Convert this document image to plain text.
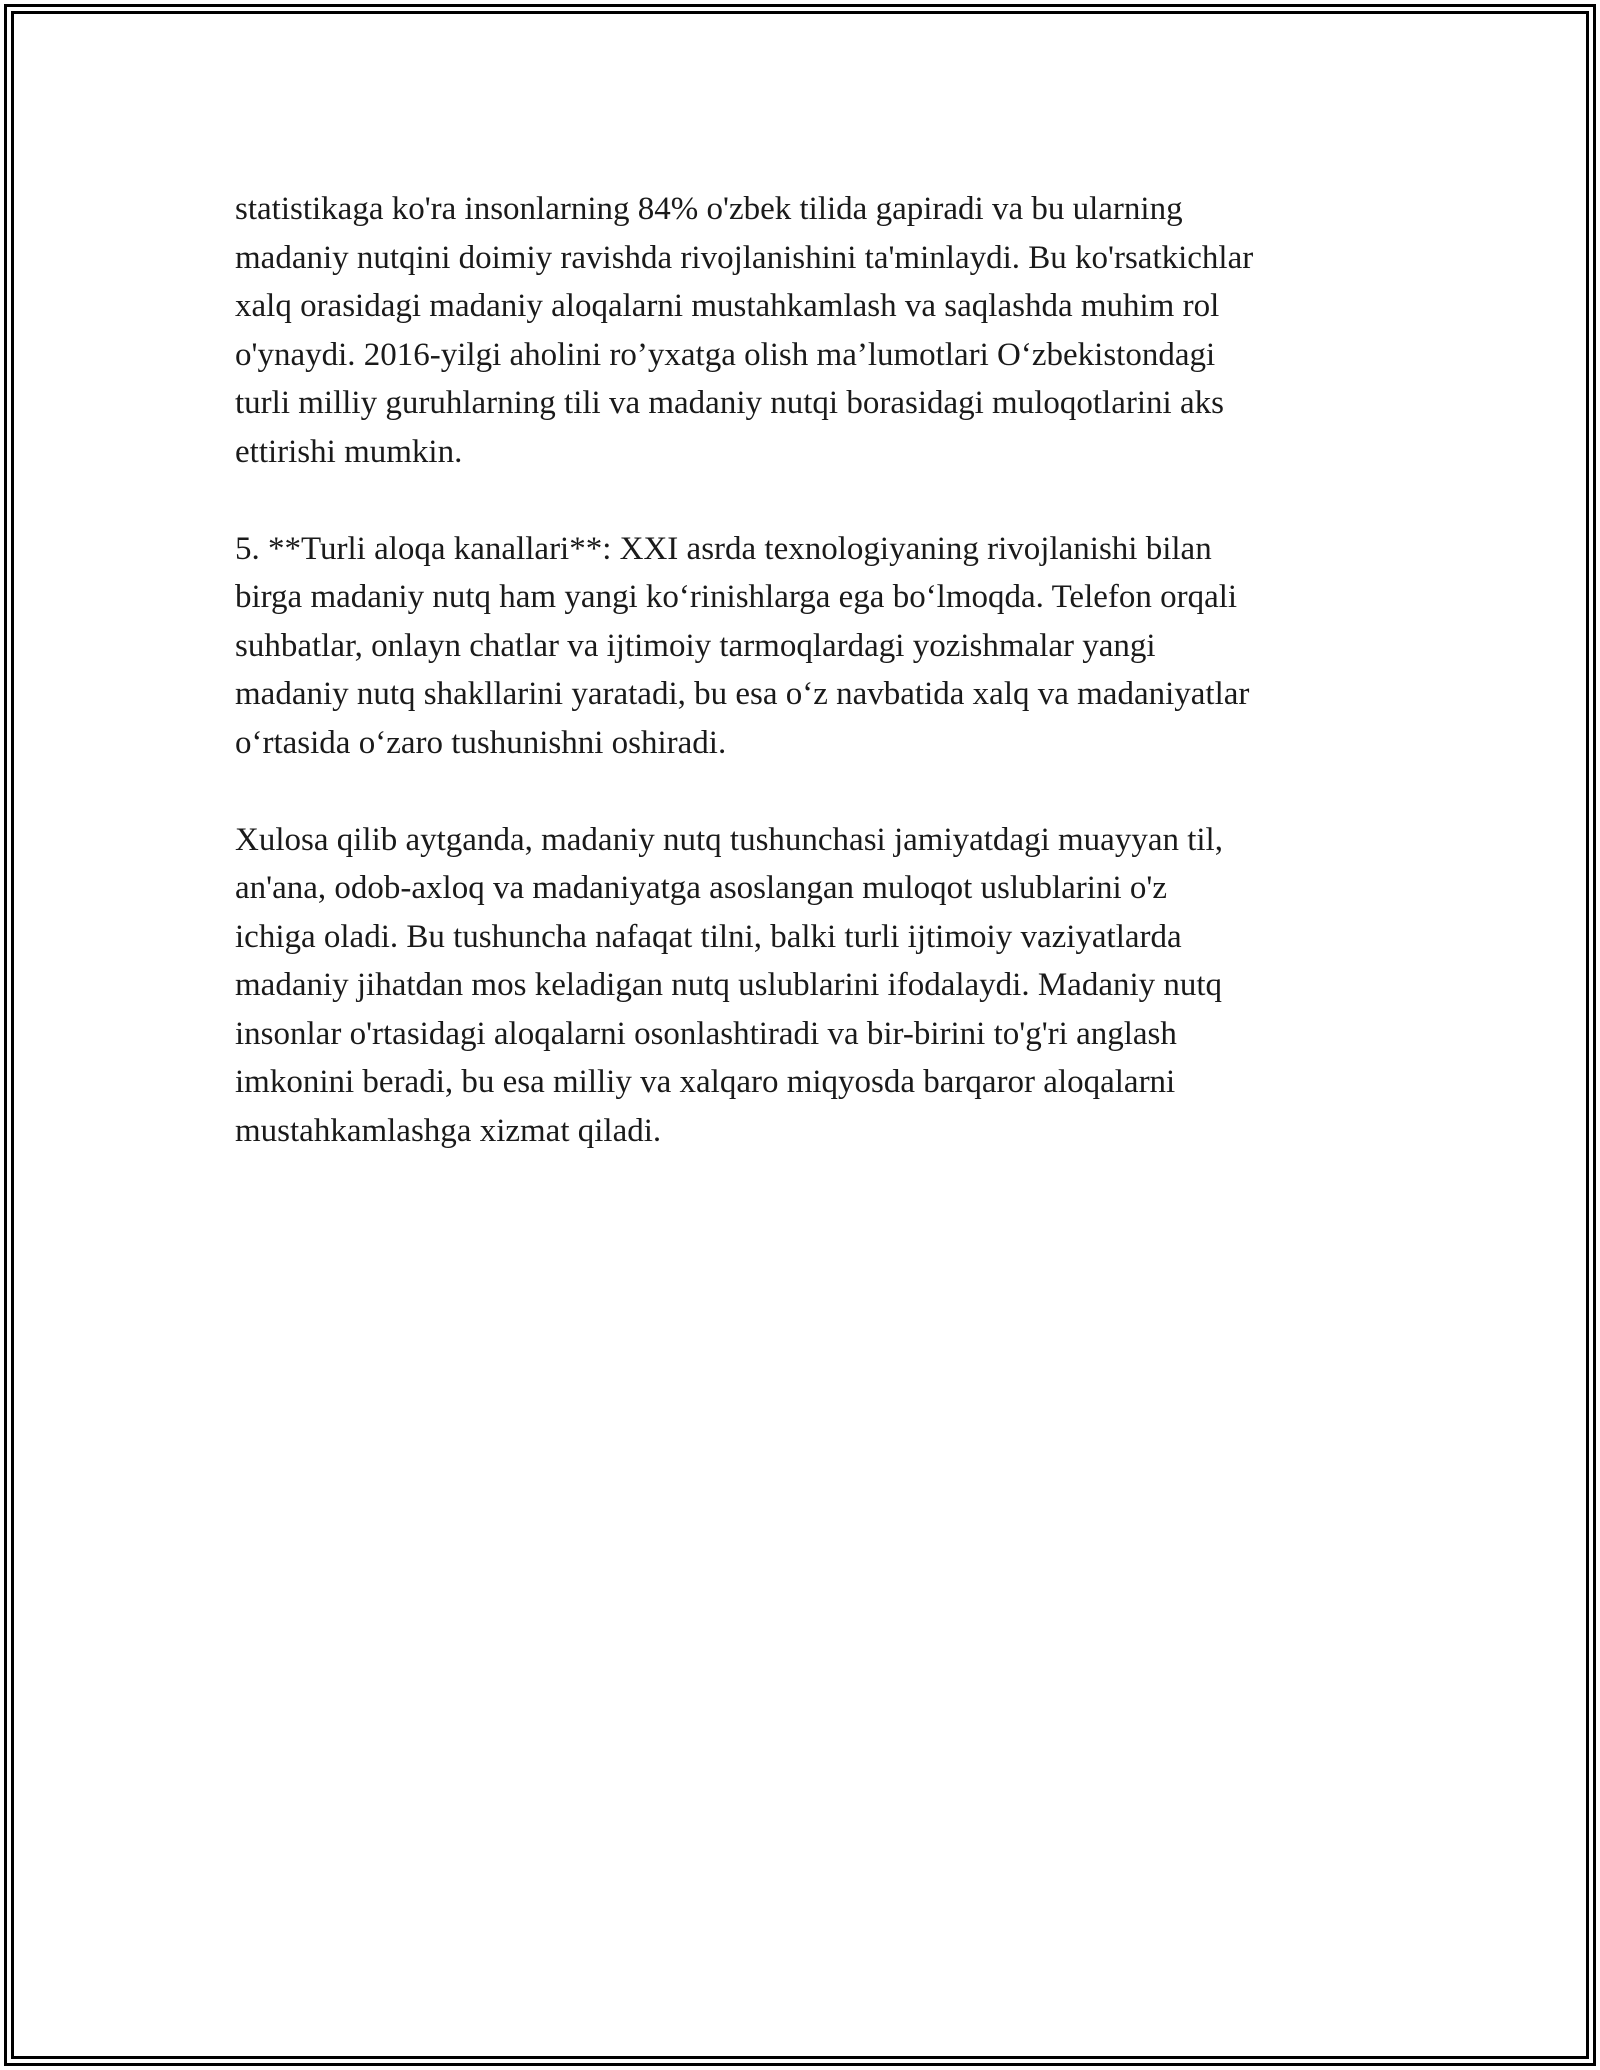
statistikaga ko'ra insonlarning 84% o'zbek tilida gapiradi va bu ularning
madaniy nutqini doimiy ravishda rivojlanishini ta'minlaydi. Bu ko'rsatkichlar
xalq orasidagi madaniy aloqalarni mustahkamlash va saqlashda muhim rol
o'ynaydi. 2016-yilgi aholini ro’yxatga olish ma’lumotlari O‘zbekistondagi
turli milliy guruhlarning tili va madaniy nutqi borasidagi muloqotlarini aks
ettirishi mumkin.

5. **Turli aloqa kanallari**: XXI asrda texnologiyaning rivojlanishi bilan
birga madaniy nutq ham yangi ko‘rinishlarga ega bo‘lmoqda. Telefon orqali
suhbatlar, onlayn chatlar va ijtimoiy tarmoqlardagi yozishmalar yangi
madaniy nutq shakllarini yaratadi, bu esa o‘z navbatida xalq va madaniyatlar
o‘rtasida o‘zaro tushunishni oshiradi.

Xulosa qilib aytganda, madaniy nutq tushunchasi jamiyatdagi muayyan til,
an'ana, odob-axloq va madaniyatga asoslangan muloqot uslublarini o'z
ichiga oladi. Bu tushuncha nafaqat tilni, balki turli ijtimoiy vaziyatlarda
madaniy jihatdan mos keladigan nutq uslublarini ifodalaydi. Madaniy nutq
insonlar o'rtasidagi aloqalarni osonlashtiradi va bir-birini to'g'ri anglash
imkonini beradi, bu esa milliy va xalqaro miqyosda barqaror aloqalarni
mustahkamlashga xizmat qiladi.
